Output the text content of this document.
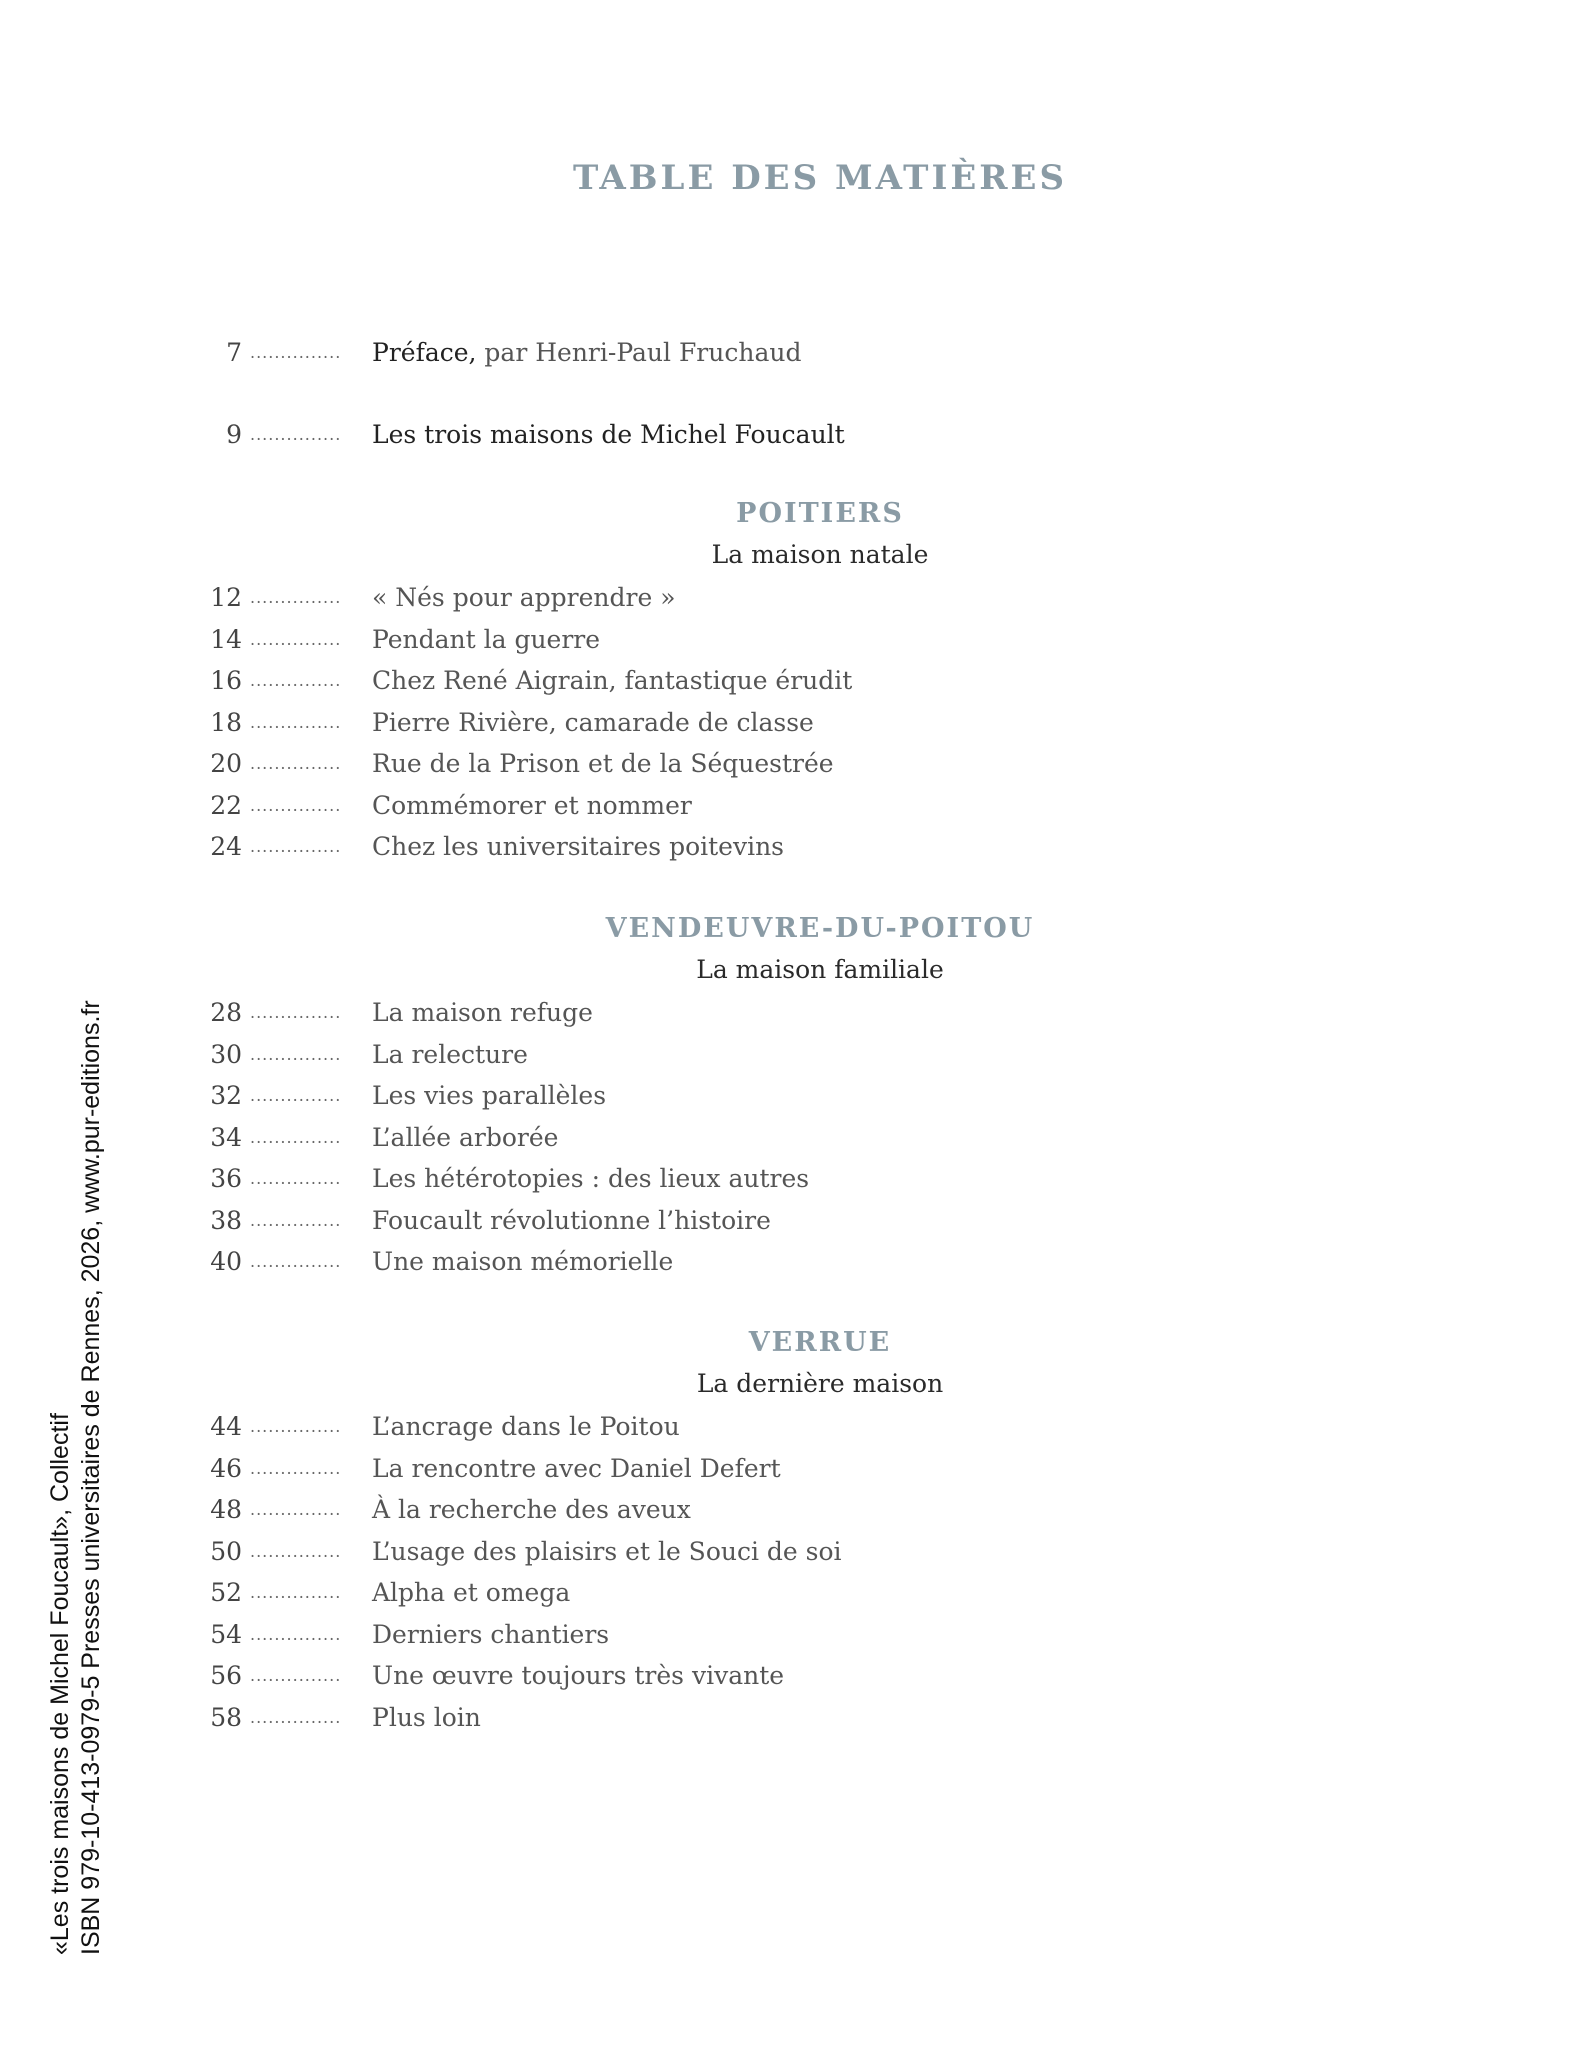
TABLE DES MATIÈRES
7 ...............	Préface, par Henri-Paul Fruchaud
9 ...............	Les trois maisons de Michel Foucault
POITIERS
La maison natale
12 ...............	« Nés pour apprendre »
14 ...............	Pendant la guerre
16 ...............	Chez René Aigrain, fantastique érudit
18 ...............	Pierre Rivière, camarade de classe
20 ...............	Rue de la Prison et de la Séquestrée
22 ...............	Commémorer et nommer
24 ...............	Chez les universitaires poitevins
VENDEUVRE-DU-POITOU
La maison familiale
28 ...............	La maison refuge
30 ...............	La relecture
32 ...............	Les vies parallèles
34 ...............	L’allée arborée
36 ...............	Les hétérotopies : des lieux autres
38 ...............	Foucault révolutionne l’histoire
40 ...............	Une maison mémorielle
VERRUE
La dernière maison
44 ...............	L’ancrage dans le Poitou
46 ...............	La rencontre avec Daniel Defert
48 ...............	À la recherche des aveux
50 ...............	L’usage des plaisirs et le Souci de soi
52 ...............	Alpha et omega
54 ...............	Derniers chantiers
56 ...............	Une œuvre toujours très vivante
58 ...............	Plus loin
«Les trois maisons de Michel Foucault», Collectif ISBN 979-10-413-0979-5 Presses universitaires de Rennes, 2026, www.pur-editions.fr
